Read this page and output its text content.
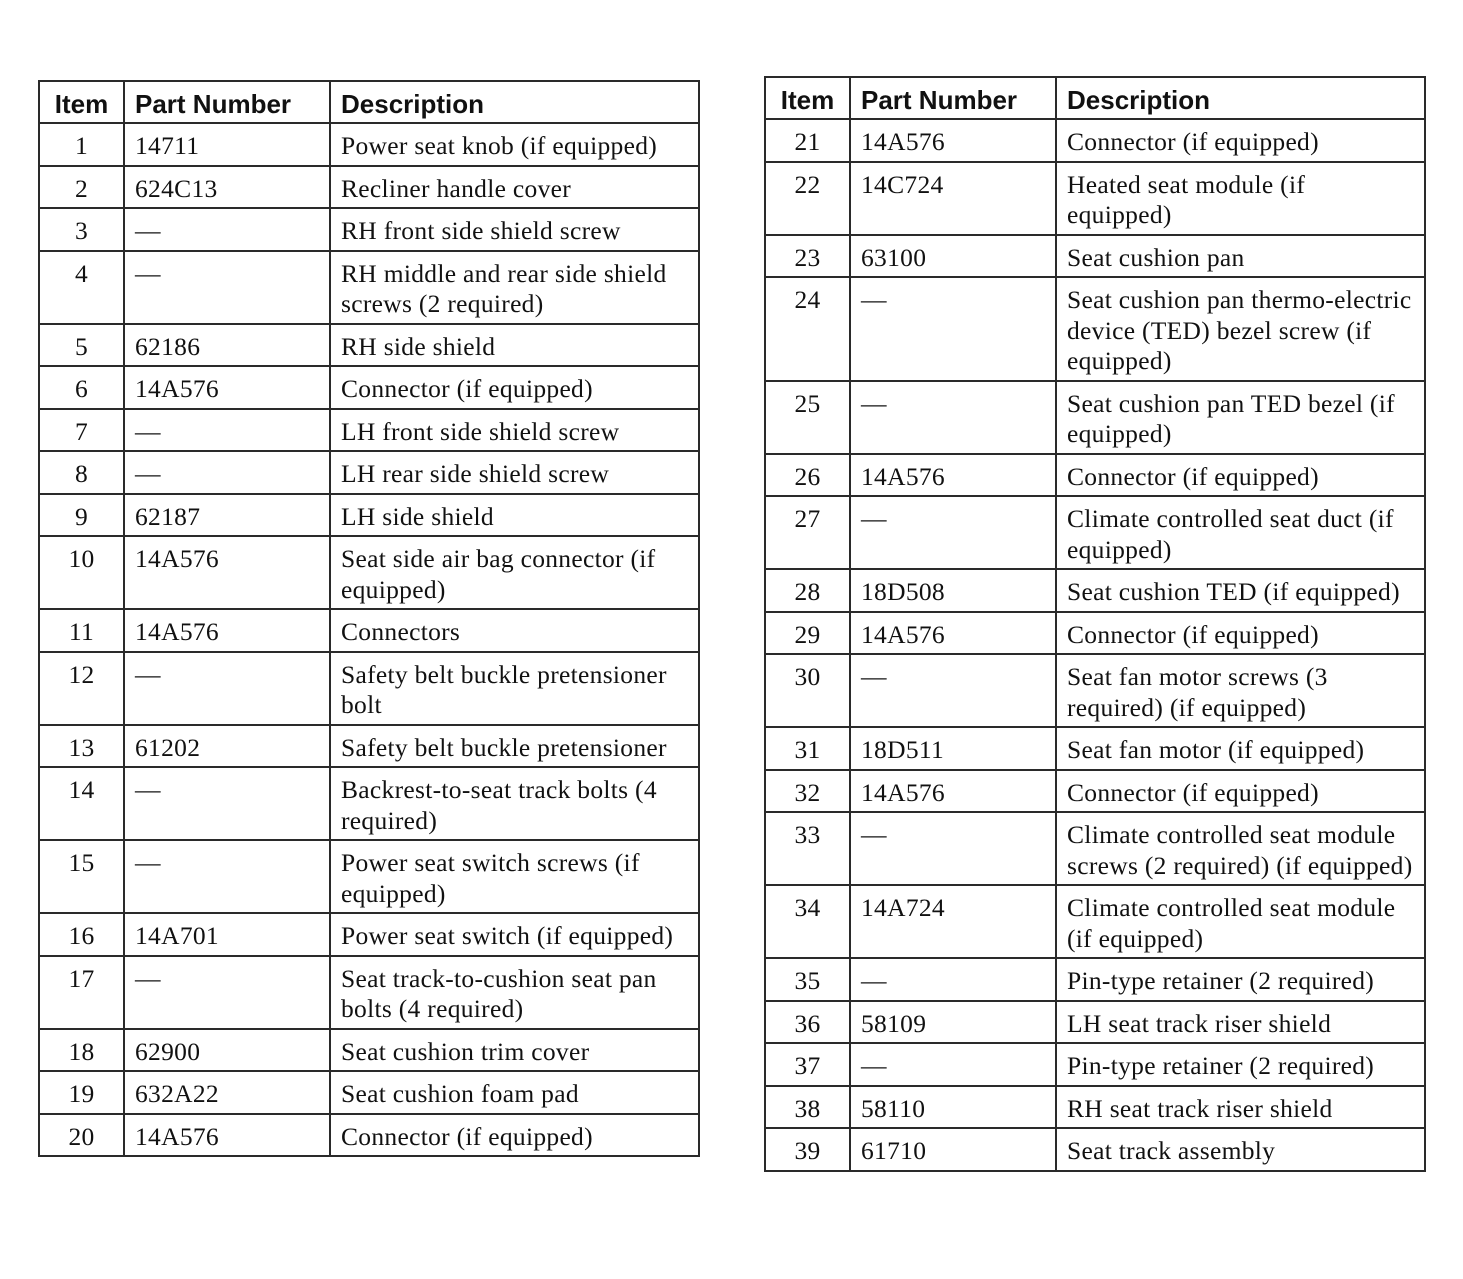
Item	Part Number	Description
1	14711	Power seat knob (if equipped)
2	624C13	Recliner handle cover
3	—	RH front side shield screw
4	—	RH middle and rear side shield screws (2 required)
5	62186	RH side shield
6	14A576	Connector (if equipped)
7	—	LH front side shield screw
8	—	LH rear side shield screw
9	62187	LH side shield
10	14A576	Seat side air bag connector (if equipped)
11	14A576	Connectors
12	—	Safety belt buckle pretensioner bolt
13	61202	Safety belt buckle pretensioner
14	—	Backrest-to-seat track bolts (4 required)
15	—	Power seat switch screws (if equipped)
16	14A701	Power seat switch (if equipped)
17	—	Seat track-to-cushion seat pan bolts (4 required)
18	62900	Seat cushion trim cover
19	632A22	Seat cushion foam pad
20	14A576	Connector (if equipped)
Item	Part Number	Description
21	14A576	Connector (if equipped)
22	14C724	Heated seat module (if equipped)
23	63100	Seat cushion pan
24	—	Seat cushion pan thermo-electric device (TED) bezel screw (if equipped)
25	—	Seat cushion pan TED bezel (if equipped)
26	14A576	Connector (if equipped)
27	—	Climate controlled seat duct (if equipped)
28	18D508	Seat cushion TED (if equipped)
29	14A576	Connector (if equipped)
30	—	Seat fan motor screws (3 required) (if equipped)
31	18D511	Seat fan motor (if equipped)
32	14A576	Connector (if equipped)
33	—	Climate controlled seat module screws (2 required) (if equipped)
34	14A724	Climate controlled seat module (if equipped)
35	—	Pin-type retainer (2 required)
36	58109	LH seat track riser shield
37	—	Pin-type retainer (2 required)
38	58110	RH seat track riser shield
39	61710	Seat track assembly
